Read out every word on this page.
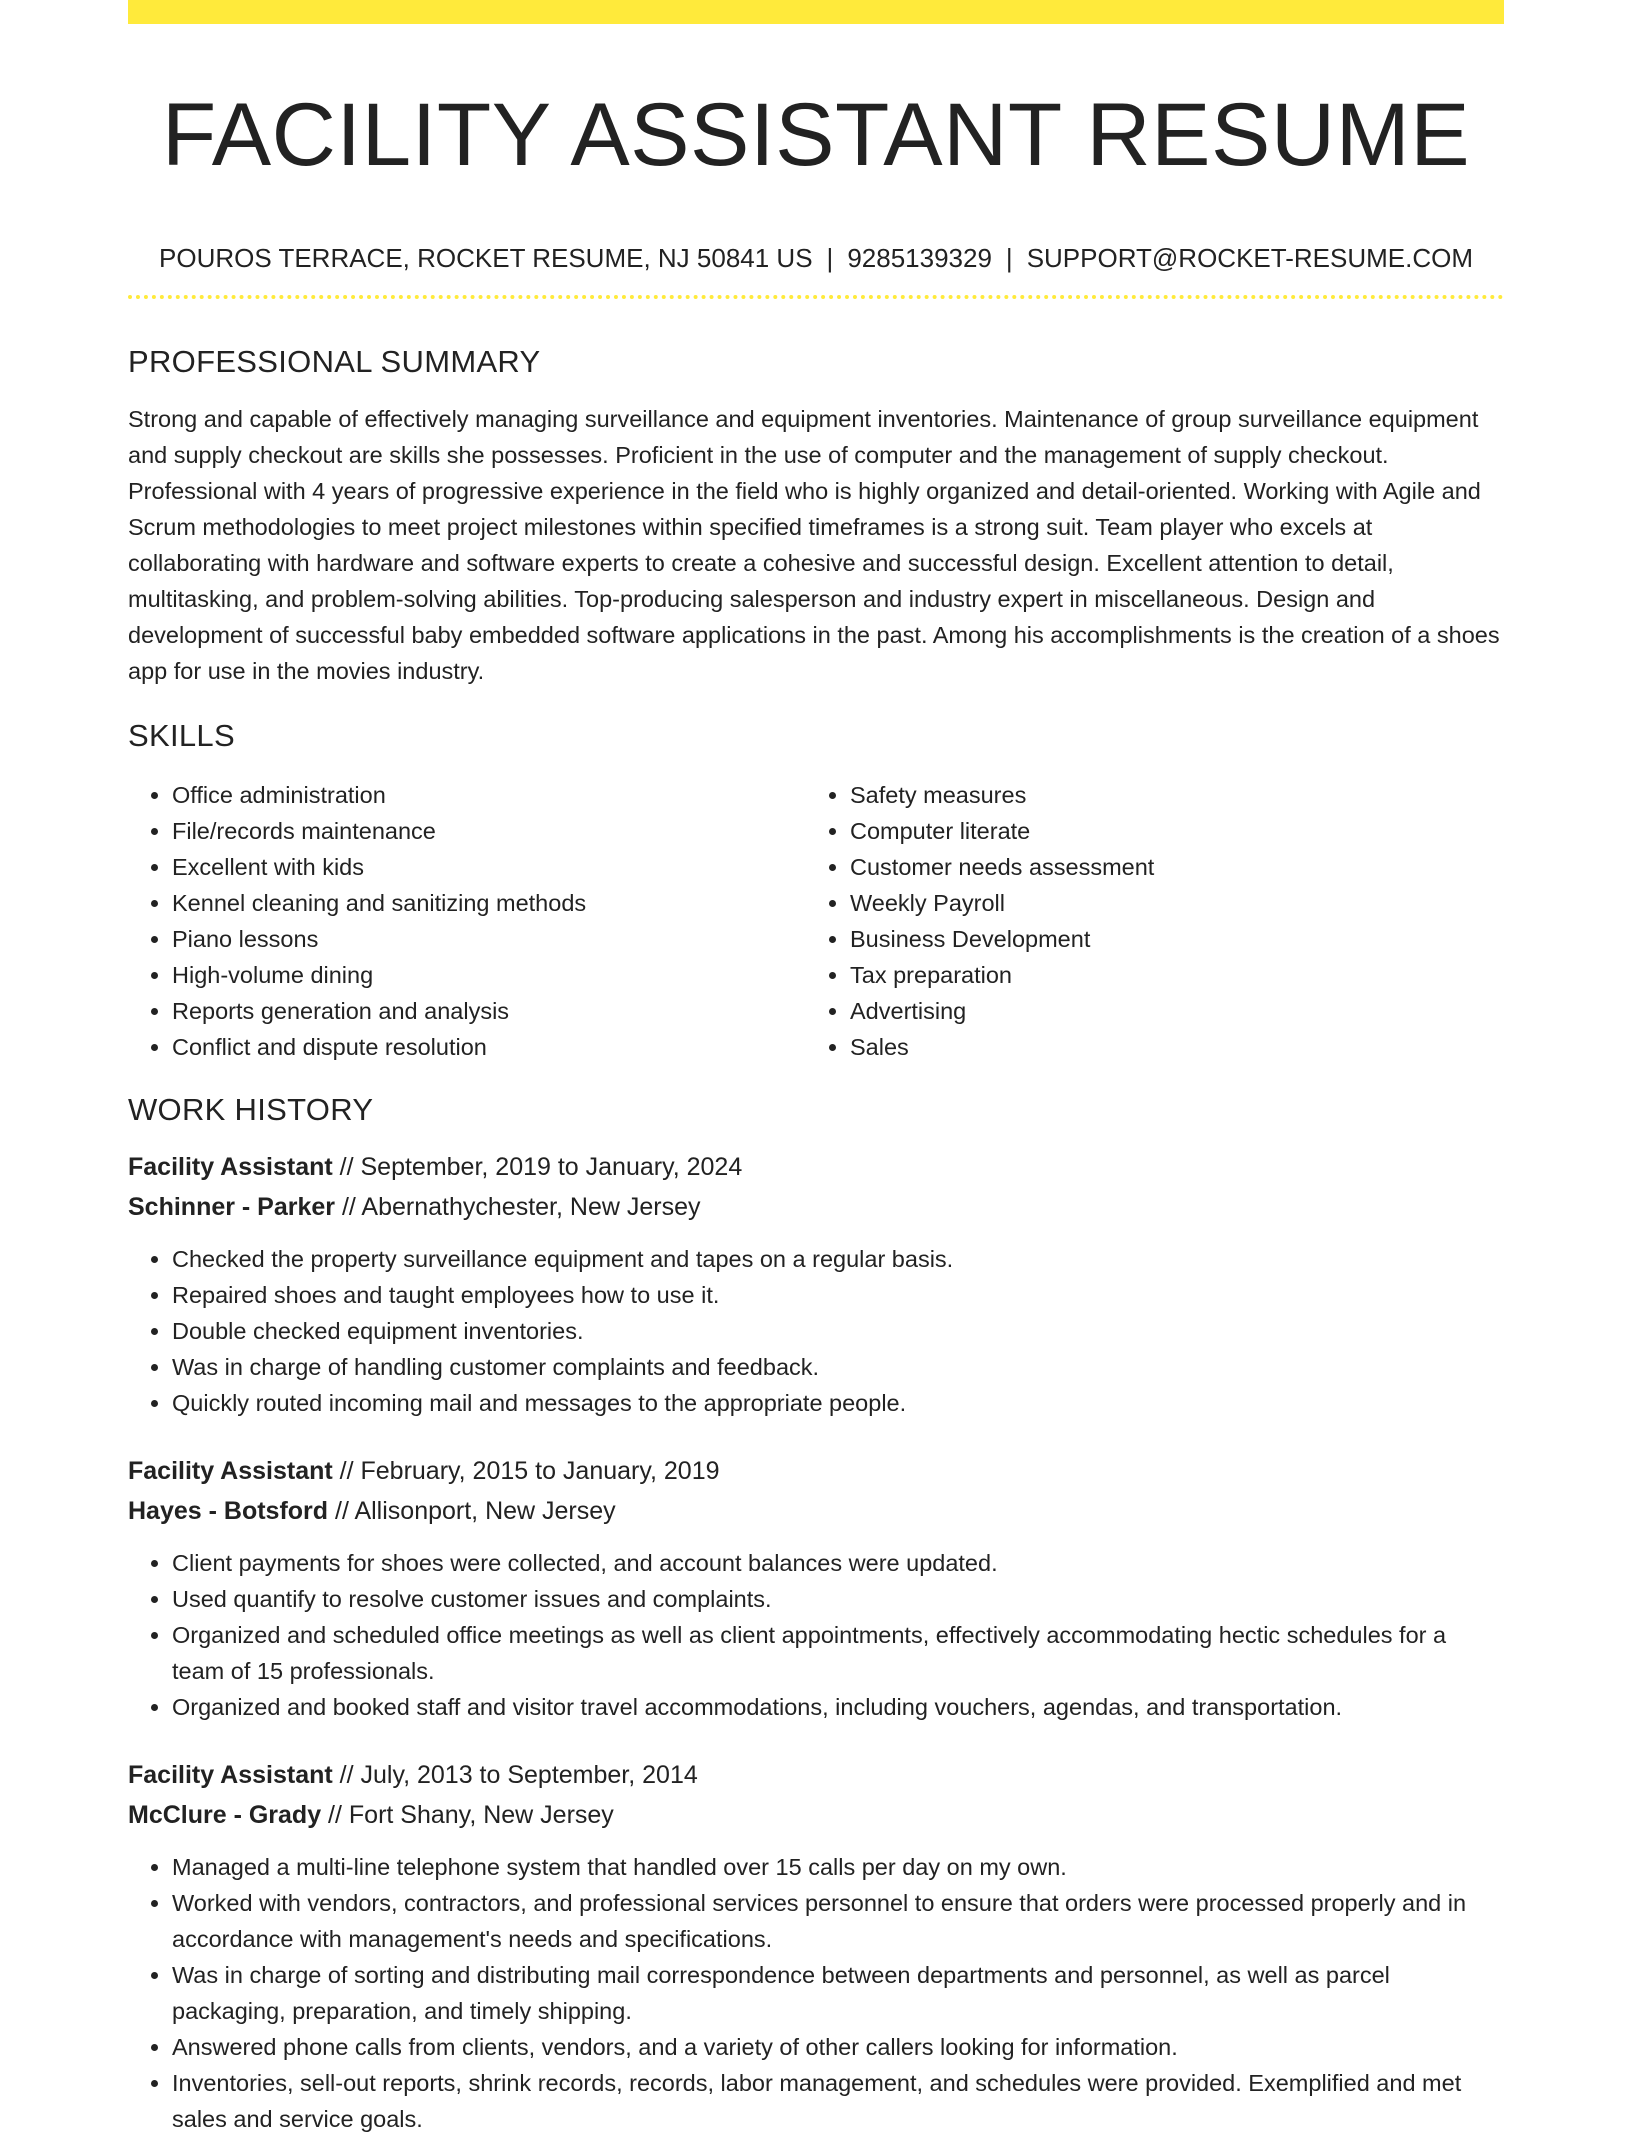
FACILITY ASSISTANT RESUME
POUROS TERRACE, ROCKET RESUME, NJ 50841 US | 9285139329 | SUPPORT@ROCKET-RESUME.COM
PROFESSIONAL SUMMARY

Strong and capable of effectively managing surveillance and equipment inventories. Maintenance of group surveillance equipment and supply checkout are skills she possesses. Proficient in the use of computer and the management of supply checkout. Professional with 4 years of progressive experience in the field who is highly organized and detail-oriented. Working with Agile and Scrum methodologies to meet project milestones within specified timeframes is a strong suit. Team player who excels at collaborating with hardware and software experts to create a cohesive and successful design. Excellent attention to detail, multitasking, and problem-solving abilities. Top-producing salesperson and industry expert in miscellaneous. Design and development of successful baby embedded software applications in the past. Among his accomplishments is the creation of a shoes app for use in the movies industry.

SKILLS
• Office administration
• File/records maintenance
• Excellent with kids
• Kennel cleaning and sanitizing methods
• Piano lessons
• High-volume dining
• Reports generation and analysis
• Conflict and dispute resolution
• Safety measures
• Computer literate
• Customer needs assessment
• Weekly Payroll
• Business Development
• Tax preparation
• Advertising
• Sales
WORK HISTORY
Facility Assistant // September, 2019 to January, 2024
Schinner - Parker // Abernathychester, New Jersey
• Checked the property surveillance equipment and tapes on a regular basis.
• Repaired shoes and taught employees how to use it.
• Double checked equipment inventories.
• Was in charge of handling customer complaints and feedback.
• Quickly routed incoming mail and messages to the appropriate people.
Facility Assistant // February, 2015 to January, 2019
Hayes - Botsford // Allisonport, New Jersey
• Client payments for shoes were collected, and account balances were updated.
• Used quantify to resolve customer issues and complaints.
• Organized and scheduled office meetings as well as client appointments, effectively accommodating hectic schedules for a team of 15 professionals.
• Organized and booked staff and visitor travel accommodations, including vouchers, agendas, and transportation.
Facility Assistant // July, 2013 to September, 2014
McClure - Grady // Fort Shany, New Jersey
• Managed a multi-line telephone system that handled over 15 calls per day on my own.
• Worked with vendors, contractors, and professional services personnel to ensure that orders were processed properly and in accordance with management's needs and specifications.
• Was in charge of sorting and distributing mail correspondence between departments and personnel, as well as parcel packaging, preparation, and timely shipping.
• Answered phone calls from clients, vendors, and a variety of other callers looking for information.
• Inventories, sell-out reports, shrink records, records, labor management, and schedules were provided. Exemplified and met sales and service goals.
